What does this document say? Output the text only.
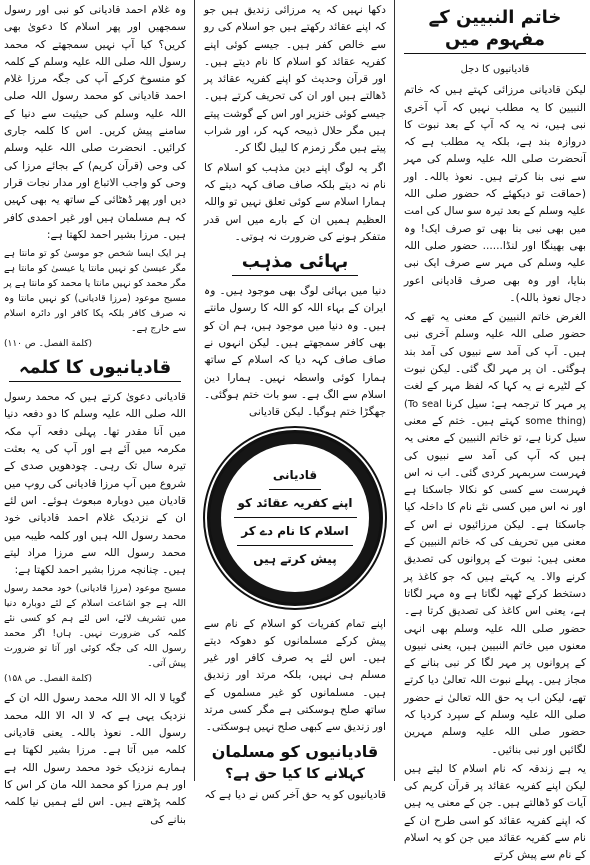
خاتم النبیین کے مفہوم میں
قادیانیوں کا دجل

لیکن قادیانی مرزائی کہتے ہیں کہ خاتم النبیین کا یہ مطلب نہیں کہ آپ آخری نبی ہیں، نہ یہ کہ آپ کے بعد نبوت کا دروازہ بند ہے، بلکہ یہ مطلب ہے کہ آنحضرت صلی اللہ علیہ وسلم کی مہر سے نبی بنا کرتے ہیں۔ نعوذ باللہ۔ اور (حماقت تو دیکھئے کہ حضور صلی اللہ علیہ وسلم کے بعد تیرہ سو سال کی امت میں بھی نبی بنا بھی تو صرف ایک! وہ بھی بھینگا اور لنڈا...... حضور صلی اللہ علیہ وسلم کی مہر سے صرف ایک نبی بنایا، اور وہ بھی صرف قادیانی اعور دجال نعوذ باللہ)۔

الغرض خاتم النبیین کے معنی یہ تھے کہ حضور صلی اللہ علیہ وسلم آخری نبی ہیں۔ آپ کی آمد سے نبیوں کی آمد بند ہوگئی۔ ان پر مہر لگ گئی۔ لیکن نبوت کے لٹیرے نے یہ کہا کہ لفظ مہر کے لغت پر مہر کا ترجمہ ہے: سیل کرنا (To seal some thing) کہتے ہیں۔ ختم کے معنی سیل کرنا ہے، تو خاتم النبیین کے معنی یہ ہیں کہ آپ کی آمد سے نبیوں کی فہرست سربمہر کردی گئی۔ اب نہ اس فہرست سے کسی کو نکالا جاسکتا ہے اور نہ اس میں کسی نئے نام کا داخلہ کیا جاسکتا ہے۔ لیکن مرزائیوں نے اس کے معنی میں تحریف کی کہ خاتم النبیین کے معنی ہیں: نبوت کے پروانوں کی تصدیق کرنے والا۔ یہ کہتے ہیں کہ جو کاغذ پر دستخط کرکے ٹھپہ لگاتا ہے وہ مہر لگاتا ہے، یعنی اس کاغذ کی تصدیق کرتا ہے۔ حضور صلی اللہ علیہ وسلم بھی انہی معنوں میں خاتم النبیین ہیں، یعنی نبیوں کے پروانوں پر مہر لگا کر نبی بنانے کے مجاز ہیں۔ پہلے نبوت اللہ تعالیٰ دیا کرتے تھے، لیکن اب یہ حق اللہ تعالیٰ نے حضور صلی اللہ علیہ وسلم کے سپرد کردیا کہ حضور صلی اللہ علیہ وسلم مہرین لگائیں اور نبی بنائیں۔

یہ ہے زندقہ کہ نام اسلام کا لیتے ہیں لیکن اپنے کفریہ عقائد پر قرآن کریم کی آیات کو ڈھالتے ہیں۔ جن کے معنی یہ ہیں کہ اپنے کفریہ عقائد کو اسی طرح ان کے نام سے کفریہ عقائد میں جن کو یہ اسلام کے نام سے پیش کرتے

دکھا نہیں کہ یہ مرزائی زندیق ہیں جو کہ اپنے عقائد رکھتے ہیں جو اسلام کی رو سے خالص کفر ہیں۔ جیسے کوئی اپنے کفریہ عقائد کو اسلام کا نام دیتے ہیں۔ اور قرآن وحدیث کو اپنے کفریہ عقائد پر ڈھالتے ہیں اور ان کی تحریف کرتے ہیں۔ جیسے کوئی خنزیر اور اس کے گوشت پیتے ہیں مگر حلال ذبیحہ کہہ کر، اور شراب پیتے ہیں مگر زمزم کا لیبل لگا کر۔

اگر یہ لوگ اپنے دین مذہب کو اسلام کا نام نہ دیتے بلکہ صاف صاف کہہ دیتے کہ ہمارا اسلام سے کوئی تعلق نہیں تو واللہ العظیم ہمیں ان کے بارے میں اس قدر متفکر ہونے کی ضرورت نہ ہوتی۔

بہائی مذہب

دنیا میں بہائی لوگ بھی موجود ہیں۔ وہ ایران کے بہاء اللہ کو اللہ کا رسول مانتے ہیں۔ وہ دنیا میں موجود ہیں، ہم ان کو بھی کافر سمجھتے ہیں۔ لیکن انہوں نے صاف صاف کہہ دیا کہ اسلام کے ساتھ ہمارا کوئی واسطہ نہیں۔ ہمارا دین اسلام سے الگ ہے۔ سو بات ختم ہوگئی۔ جھگڑا ختم ہوگیا۔ لیکن قادیانی

قادیانی
اپنے کفریہ عقائد کو
اسلام کا نام دے کر
پیش کرتے ہیں

اپنے تمام کفریات کو اسلام کے نام سے پیش کرکے مسلمانوں کو دھوکہ دیتے ہیں۔ اس لئے یہ صرف کافر اور غیر مسلم ہی نہیں، بلکہ مرتد اور زندیق ہیں۔ مسلمانوں کو غیر مسلموں کے ساتھ صلح ہوسکتی ہے مگر کسی مرتد اور زندیق سے کبھی صلح نہیں ہوسکتی۔

قادیانیوں کو مسلمان
کہلانے کا کیا حق ہے؟

قادیانیوں کو یہ حق آخر کس نے دیا ہے کہ

وہ غلام احمد قادیانی کو نبی اور رسول سمجھیں اور پھر اسلام کا دعویٰ بھی کریں؟ کیا آپ نہیں سمجھتے کہ محمد رسول اللہ صلی اللہ علیہ وسلم کے کلمہ کو منسوخ کرکے آپ کی جگہ مرزا غلام احمد قادیانی کو محمد رسول اللہ صلی اللہ علیہ وسلم کی حیثیت سے دنیا کے سامنے پیش کریں۔ اس کا کلمہ جاری کرائیں۔ انحضرت صلی اللہ علیہ وسلم کی وحی (قرآن کریم) کے بجائے مرزا کی وحی کو واجب الاتباع اور مدار نجات قرار دیں اور پھر ڈھٹائی کے ساتھ یہ بھی کہیں کہ ہم مسلمان ہیں اور غیر احمدی کافر ہیں۔ مرزا بشیر احمد لکھتا ہے:

ہر ایک ایسا شخص جو موسیٰ کو تو مانتا ہے مگر عیسیٰ کو نہیں مانتا یا عیسیٰ کو مانتا ہے مگر محمد کو نہیں مانتا یا محمد کو مانتا ہے پر مسیح موعود (مرزا قادیانی) کو نہیں مانتا وہ نہ صرف کافر بلکہ پکا کافر اور دائرہ اسلام سے خارج ہے۔

(کلمة الفصل۔ ص ۱۱۰)
قادیانیوں کا کلمہ

قادیانی دعویٰ کرتے ہیں کہ محمد رسول اللہ صلی اللہ علیہ وسلم کا دو دفعہ دنیا میں آنا مقدر تھا۔ پہلی دفعہ آپ مکہ مکرمہ میں آئے ہے اور آپ کی یہ بعثت تیرہ سال تک رہی۔ چودھویں صدی کے شروع میں آپ مرزا قادیانی کی روپ میں قادیان میں دوبارہ مبعوث ہوئے۔ اس لئے ان کے نزدیک غلام احمد قادیانی خود محمد رسول اللہ ہیں اور کلمہ طیبہ میں محمد رسول اللہ سے مرزا مراد لیتے ہیں۔ چنانچہ مرزا بشیر احمد لکھتا ہے:

مسیح موعود (مرزا قادیانی) خود محمد رسول اللہ ہے جو اشاعت اسلام کے لئے دوبارہ دنیا میں تشریف لائے، اس لئے ہم کو کسی نئے کلمہ کی ضرورت نہیں۔ ہاں! اگر محمد رسول اللہ کی جگہ کوئی اور آتا تو ضرورت پیش آتی۔

(کلمة الفصل۔ ص ۱۵۸)

گویا لا الہ الا اللہ محمد رسول اللہ ان کے نزدیک یہی ہے کہ لا الہ الا اللہ محمد رسول اللہ۔ نعوذ باللہ۔ یعنی قادیانی کلمہ میں آتا ہے۔ مرزا بشیر لکھتا ہے ہمارے نزدیک خود محمد رسول اللہ ہے اور ہم مرزا کو محمد اللہ مان کر اس کا کلمہ پڑھتے ہیں۔ اس لئے ہمیں نیا کلمہ بنانے کی
